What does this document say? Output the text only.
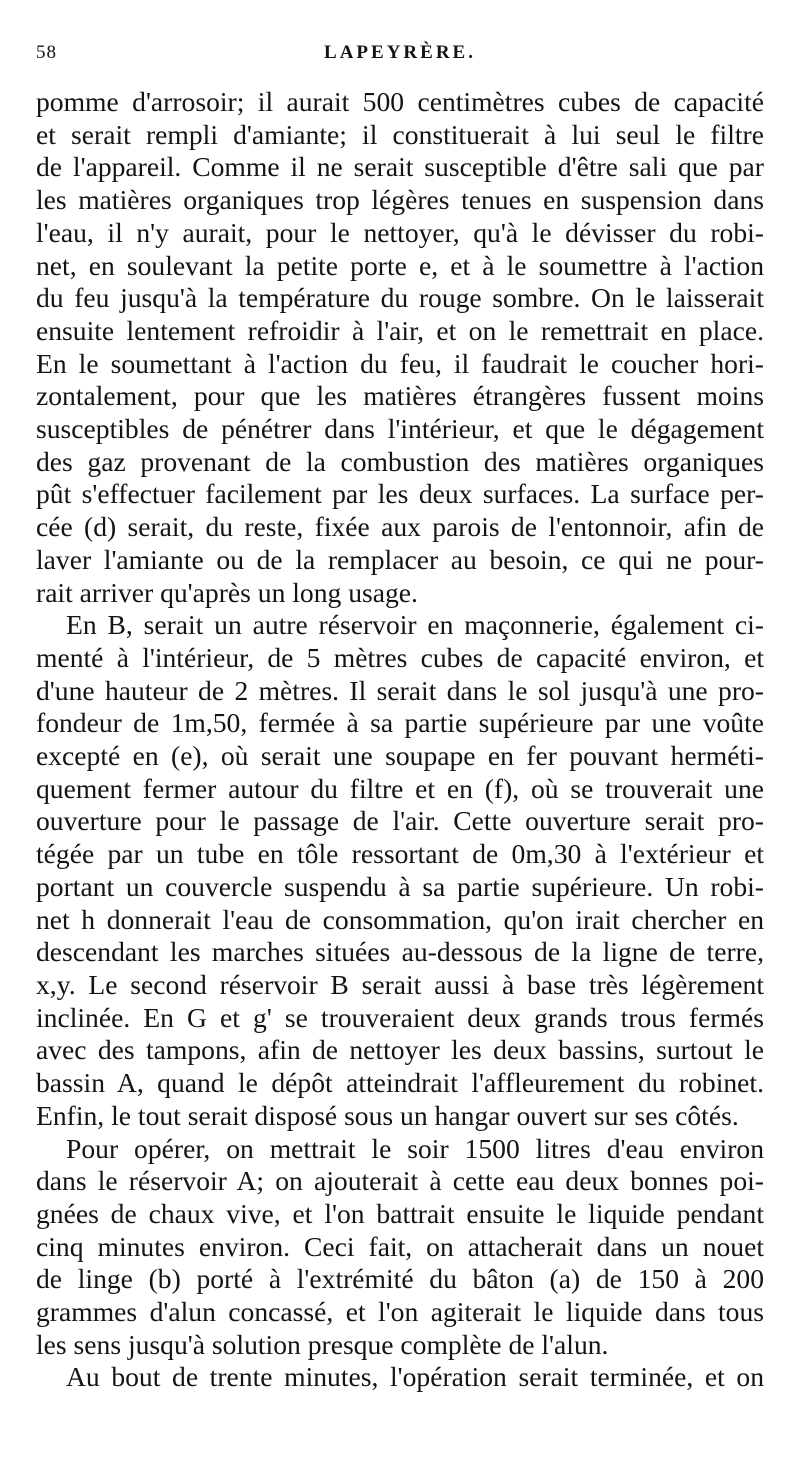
58	LAPEYRÈRE.

pomme d'arrosoir; il aurait 500 centimètres cubes de capacité
et serait rempli d'amiante; il constituerait à lui seul le filtre
de l'appareil. Comme il ne serait susceptible d'être sali que par
les matières organiques trop légères tenues en suspension dans
l'eau, il n'y aurait, pour le nettoyer, qu'à le dévisser du robi-
net, en soulevant la petite porte e, et à le soumettre à l'action
du feu jusqu'à la température du rouge sombre. On le laisserait
ensuite lentement refroidir à l'air, et on le remettrait en place.
En le soumettant à l'action du feu, il faudrait le coucher hori-
zontalement, pour que les matières étrangères fussent moins
susceptibles de pénétrer dans l'intérieur, et que le dégagement
des gaz provenant de la combustion des matières organiques
pût s'effectuer facilement par les deux surfaces. La surface per-
cée (d) serait, du reste, fixée aux parois de l'entonnoir, afin de
laver l'amiante ou de la remplacer au besoin, ce qui ne pour-
rait arriver qu'après un long usage.

En B, serait un autre réservoir en maçonnerie, également ci-
menté à l'intérieur, de 5 mètres cubes de capacité environ, et
d'une hauteur de 2 mètres. Il serait dans le sol jusqu'à une pro-
fondeur de 1m,50, fermée à sa partie supérieure par une voûte
excepté en (e), où serait une soupape en fer pouvant herméti-
quement fermer autour du filtre et en (f), où se trouverait une
ouverture pour le passage de l'air. Cette ouverture serait pro-
tégée par un tube en tôle ressortant de 0m,30 à l'extérieur et
portant un couvercle suspendu à sa partie supérieure. Un robi-
net h donnerait l'eau de consommation, qu'on irait chercher en
descendant les marches situées au-dessous de la ligne de terre,
x,y. Le second réservoir B serait aussi à base très légèrement
inclinée. En G et g' se trouveraient deux grands trous fermés
avec des tampons, afin de nettoyer les deux bassins, surtout le
bassin A, quand le dépôt atteindrait l'affleurement du robinet.
Enfin, le tout serait disposé sous un hangar ouvert sur ses côtés.

Pour opérer, on mettrait le soir 1500 litres d'eau environ
dans le réservoir A; on ajouterait à cette eau deux bonnes poi-
gnées de chaux vive, et l'on battrait ensuite le liquide pendant
cinq minutes environ. Ceci fait, on attacherait dans un nouet
de linge (b) porté à l'extrémité du bâton (a) de 150 à 200
grammes d'alun concassé, et l'on agiterait le liquide dans tous
les sens jusqu'à solution presque complète de l'alun.

Au bout de trente minutes, l'opération serait terminée, et on
